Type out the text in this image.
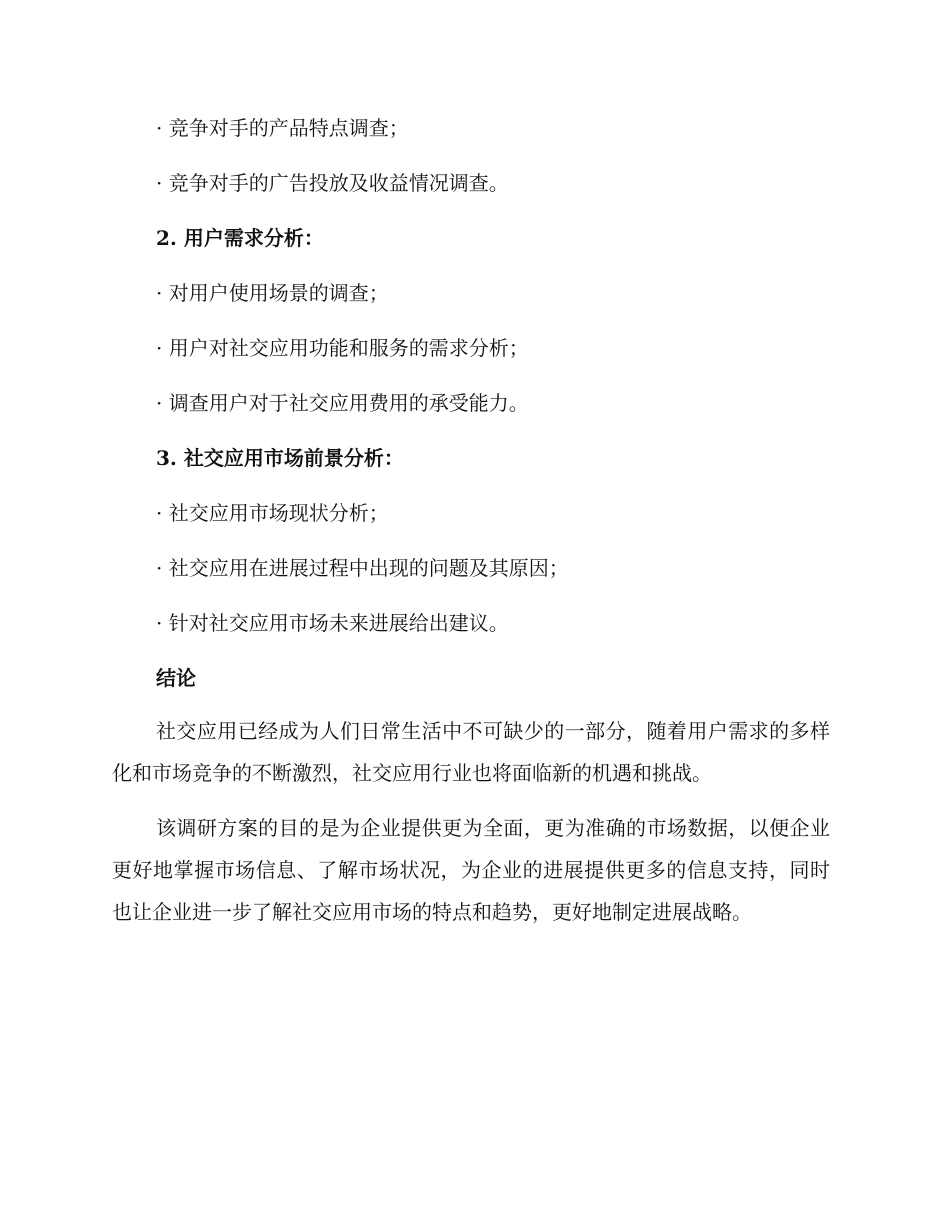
· 竞争对手的产品特点调查；
· 竞争对手的广告投放及收益情况调查。
2. 用户需求分析：
· 对用户使用场景的调查；
· 用户对社交应用功能和服务的需求分析；
· 调查用户对于社交应用费用的承受能力。
3. 社交应用市场前景分析：
· 社交应用市场现状分析；
· 社交应用在进展过程中出现的问题及其原因；
· 针对社交应用市场未来进展给出建议。
结论

社交应用已经成为人们日常生活中不可缺少的一部分，随着用户需求的多样化和市场竞争的不断激烈，社交应用行业也将面临新的机遇和挑战。

该调研方案的目的是为企业提供更为全面，更为准确的市场数据，以便企业更好地掌握市场信息、了解市场状况，为企业的进展提供更多的信息支持，同时也让企业进一步了解社交应用市场的特点和趋势，更好地制定进展战略。
